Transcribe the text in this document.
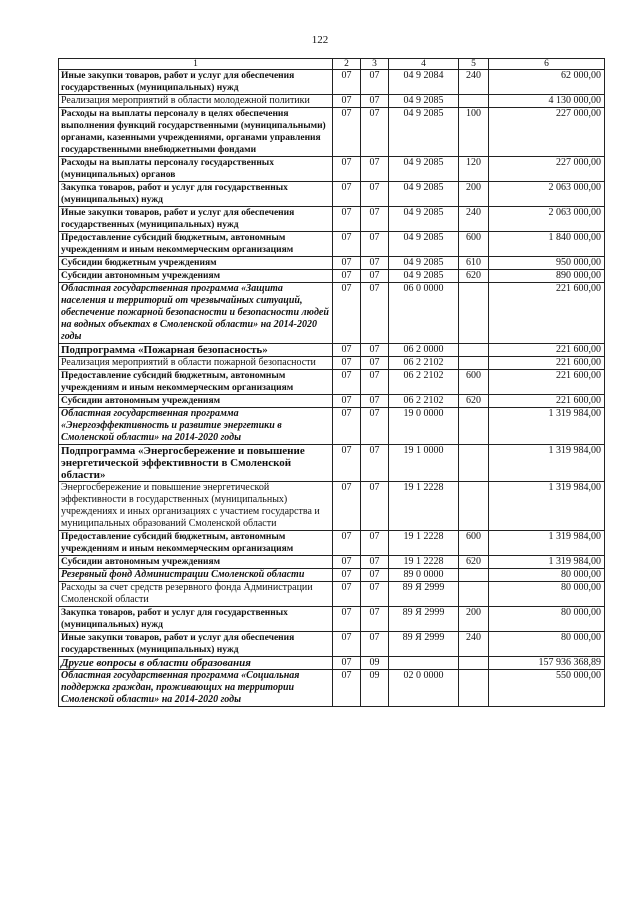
122
1	2	3	4	5	6
Иные закупки товаров, работ и услуг для обеспечения государственных (муниципальных) нужд	07	07	04 9 2084	240	62 000,00
Реализация мероприятий в области молодежной политики	07	07	04 9 2085		4 130 000,00
Расходы на выплаты персоналу в целях обеспечения выполнения функций государственными (муниципальными) органами, казенными учреждениями, органами управления государственными внебюджетными фондами	07	07	04 9 2085	100	227 000,00
Расходы на выплаты персоналу государственных (муниципальных) органов	07	07	04 9 2085	120	227 000,00
Закупка товаров, работ и услуг для государственных (муниципальных) нужд	07	07	04 9 2085	200	2 063 000,00
Иные закупки товаров, работ и услуг для обеспечения государственных (муниципальных) нужд	07	07	04 9 2085	240	2 063 000,00
Предоставление субсидий бюджетным, автономным учреждениям и иным некоммерческим организациям	07	07	04 9 2085	600	1 840 000,00
Субсидии бюджетным учреждениям	07	07	04 9 2085	610	950 000,00
Субсидии автономным учреждениям	07	07	04 9 2085	620	890 000,00
Областная государственная программа «Защита населения и территорий от чрезвычайных ситуаций, обеспечение пожарной безопасности и безопасности людей на водных объектах в Смоленской области» на 2014-2020 годы	07	07	06 0 0000		221 600,00
Подпрограмма «Пожарная безопасность»	07	07	06 2 0000		221 600,00
Реализация мероприятий в области пожарной безопасности	07	07	06 2 2102		221 600,00
Предоставление субсидий бюджетным, автономным учреждениям и иным некоммерческим организациям	07	07	06 2 2102	600	221 600,00
Субсидии автономным учреждениям	07	07	06 2 2102	620	221 600,00
Областная государственная программа «Энергоэффективность и развитие энергетики в Смоленской области» на 2014-2020 годы	07	07	19 0 0000		1 319 984,00
Подпрограмма «Энергосбережение и повышение энергетической эффективности в Смоленской области»	07	07	19 1 0000		1 319 984,00
Энергосбережение и повышение энергетической эффективности в государственных (муниципальных) учреждениях и иных организациях с участием государства и муниципальных образований Смоленской области	07	07	19 1 2228		1 319 984,00
Предоставление субсидий бюджетным, автономным учреждениям и иным некоммерческим организациям	07	07	19 1 2228	600	1 319 984,00
Субсидии автономным учреждениям	07	07	19 1 2228	620	1 319 984,00
Резервный фонд Администрации Смоленской области	07	07	89 0 0000		80 000,00
Расходы за счет средств резервного фонда Администрации Смоленской области	07	07	89 Я 2999		80 000,00
Закупка товаров, работ и услуг для государственных (муниципальных) нужд	07	07	89 Я 2999	200	80 000,00
Иные закупки товаров, работ и услуг для обеспечения государственных (муниципальных) нужд	07	07	89 Я 2999	240	80 000,00
Другие вопросы в области образования	07	09			157 936 368,89
Областная государственная программа «Социальная поддержка граждан, проживающих на территории Смоленской области» на 2014-2020 годы	07	09	02 0 0000		550 000,00
